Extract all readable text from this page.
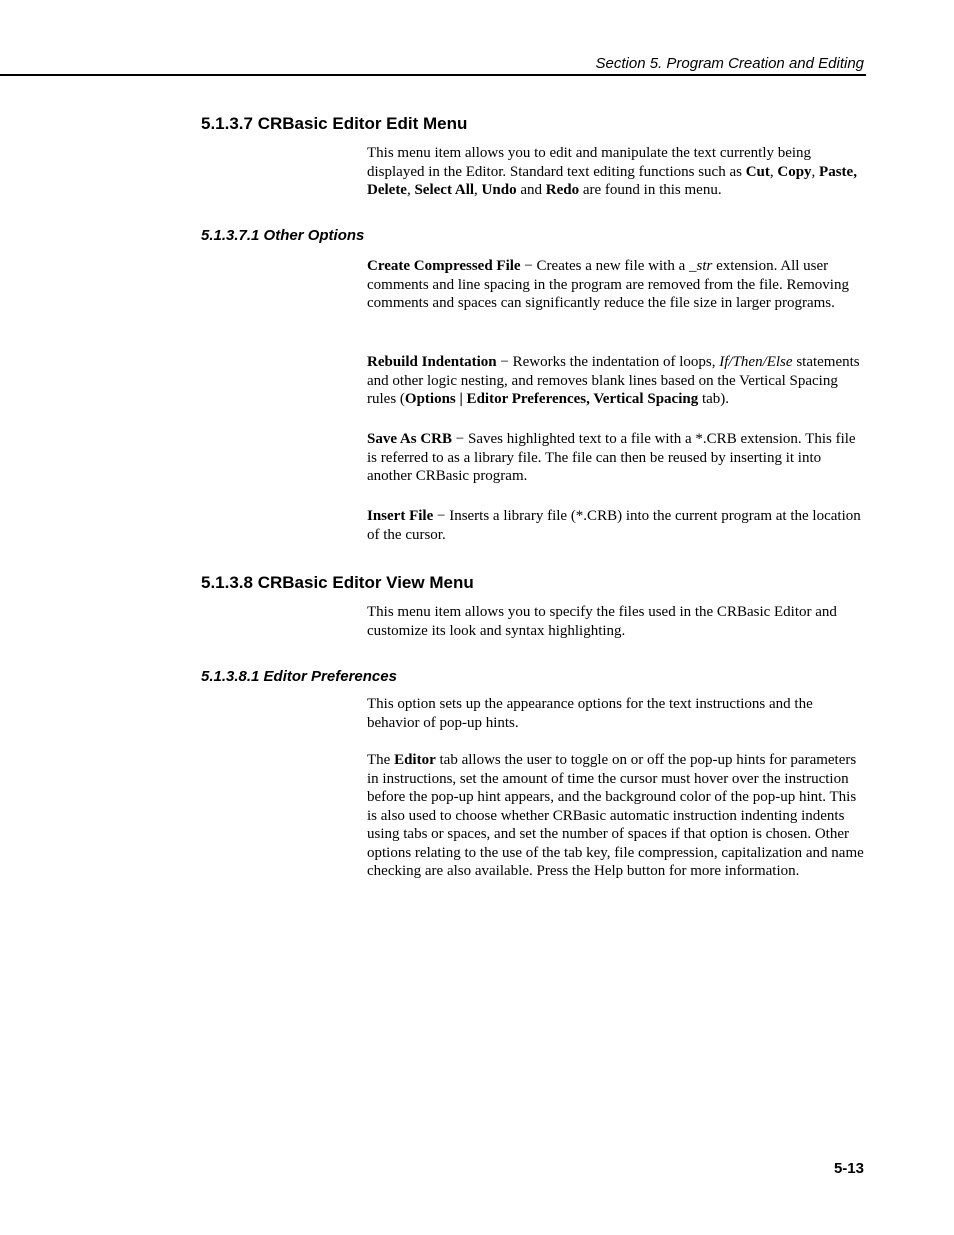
Section 5. Program Creation and Editing
5.1.3.7 CRBasic Editor Edit Menu

This menu item allows you to edit and manipulate the text currently being displayed in the Editor. Standard text editing functions such as Cut, Copy, Paste, Delete, Select All, Undo and Redo are found in this menu.

5.1.3.7.1 Other Options

Create Compressed File − Creates a new file with a _str extension. All user comments and line spacing in the program are removed from the file. Removing comments and spaces can significantly reduce the file size in larger programs.

Rebuild Indentation − Reworks the indentation of loops, If/Then/Else statements and other logic nesting, and removes blank lines based on the Vertical Spacing rules (Options | Editor Preferences, Vertical Spacing tab).

Save As CRB − Saves highlighted text to a file with a *.CRB extension. This file is referred to as a library file. The file can then be reused by inserting it into another CRBasic program.

Insert File − Inserts a library file (*.CRB) into the current program at the location of the cursor.

5.1.3.8 CRBasic Editor View Menu

This menu item allows you to specify the files used in the CRBasic Editor and customize its look and syntax highlighting.

5.1.3.8.1 Editor Preferences

This option sets up the appearance options for the text instructions and the behavior of pop-up hints.

The Editor tab allows the user to toggle on or off the pop-up hints for parameters in instructions, set the amount of time the cursor must hover over the instruction before the pop-up hint appears, and the background color of the pop-up hint. This is also used to choose whether CRBasic automatic instruction indenting indents using tabs or spaces, and set the number of spaces if that option is chosen. Other options relating to the use of the tab key, file compression, capitalization and name checking are also available. Press the Help button for more information.

5-13
